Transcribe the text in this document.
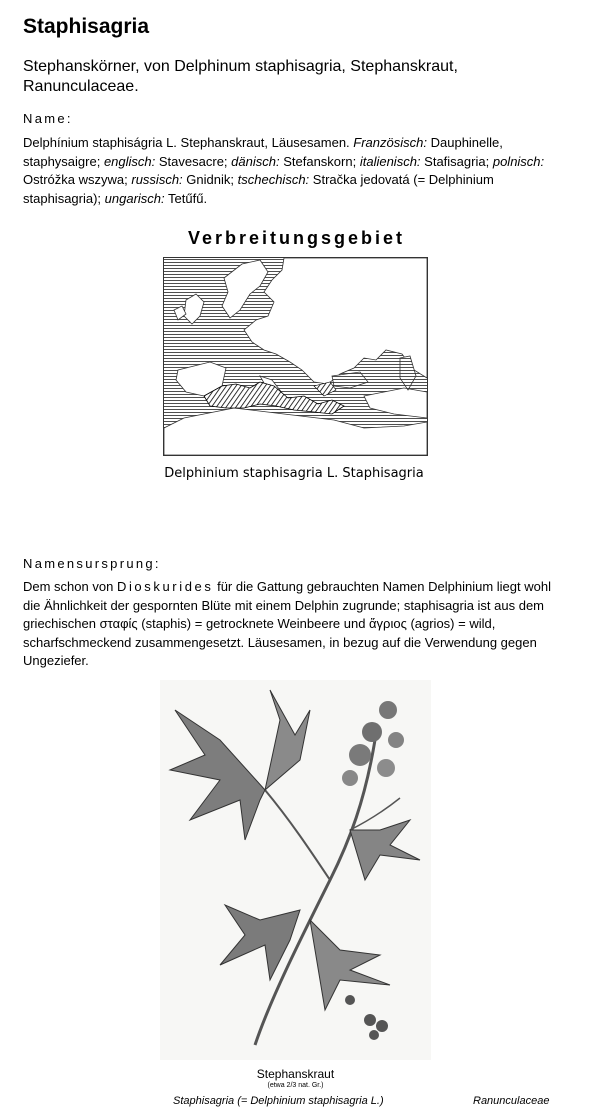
Staphisagria

Stephanskörner, von Delphinum staphisagria, Stephanskraut, Ranunculaceae.

Name:

Delphínium staphiságria L. Stephanskraut, Läusesamen. Französisch: Dauphinelle, staphysaigre; englisch: Stavesacre; dänisch: Stefanskorn; italienisch: Stafisagria; polnisch: Ostróžka wszywa; russisch: Gnidnik; tschechisch: Stračka jedovatá (= Delphinium staphisagria); ungarisch: Tetűfű.

Verbreitungsgebiet

Delphinium staphisagria L. Staphisagria

Namensursprung:

Dem schon von Dioskurides für die Gattung gebrauchten Namen Delphinium liegt wohl die Ähnlichkeit der gespornten Blüte mit einem Delphin zugrunde; staphisagria ist aus dem griechischen σταφίς (staphis) = getrocknete Weinbeere und ἄγριος (agrios) = wild, scharfschmeckend zusammengesetzt. Läusesamen, in bezug auf die Verwendung gegen Ungeziefer.

Stephanskraut

(etwa 2/3 nat. Gr.)

Staphisagria (= Delphinium staphisagria L.)	Ranunculaceae
